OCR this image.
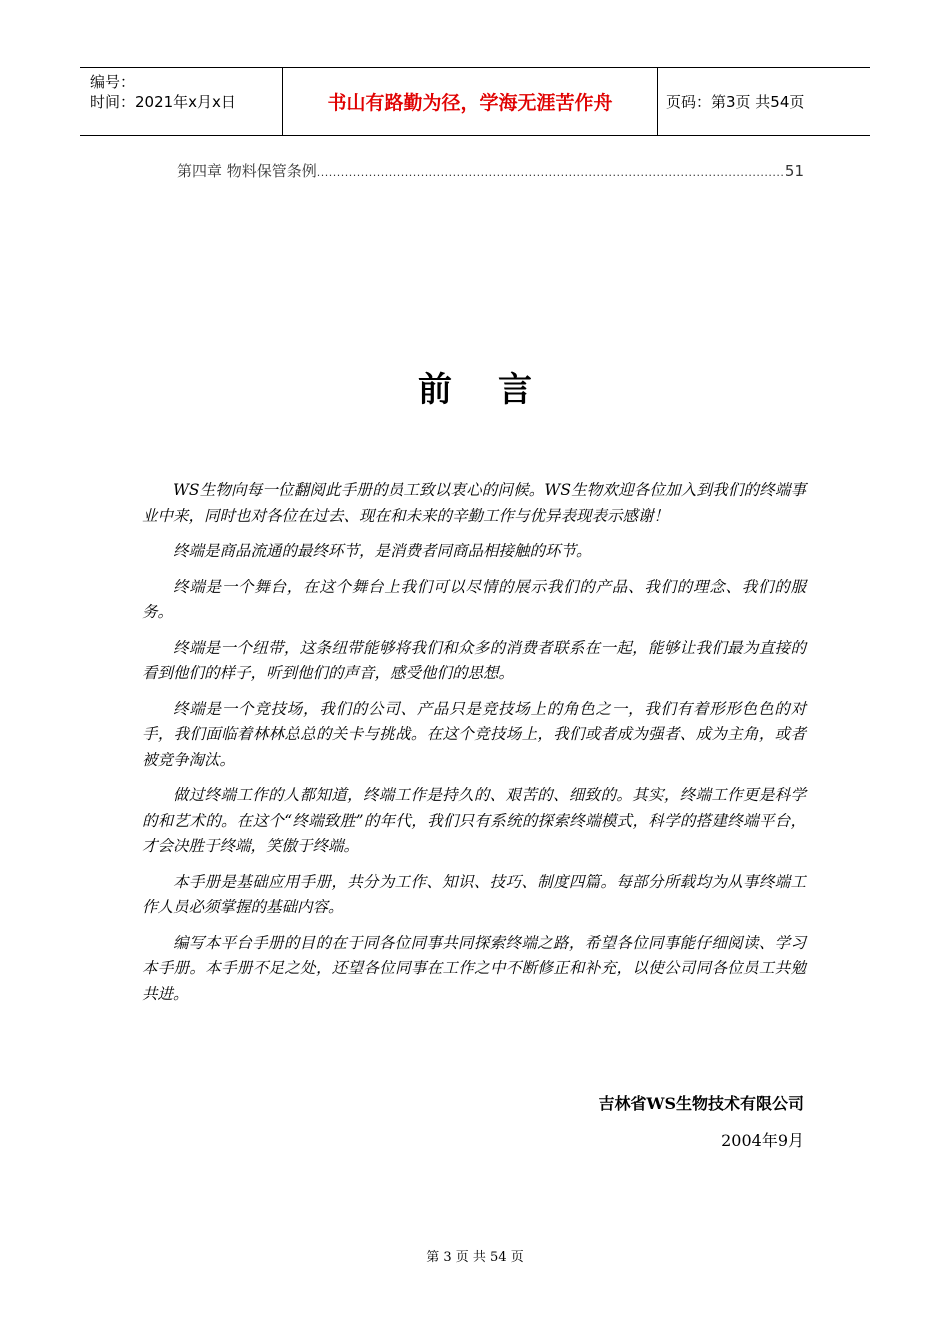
编号：
时间：2021年x月x日	书山有路勤为径，学海无涯苦作舟	页码：第3页 共54页
第四章 物料保管条例
.....	51
前言

WS生物向每一位翻阅此手册的员工致以衷心的问候。WS生物欢迎各位加入到我们的终端事业中来，同时也对各位在过去、现在和未来的辛勤工作与优异表现表示感谢！

终端是商品流通的最终环节，是消费者同商品相接触的环节。

终端是一个舞台，在这个舞台上我们可以尽情的展示我们的产品、我们的理念、我们的服务。

终端是一个纽带，这条纽带能够将我们和众多的消费者联系在一起，能够让我们最为直接的看到他们的样子，听到他们的声音，感受他们的思想。

终端是一个竞技场，我们的公司、产品只是竞技场上的角色之一，我们有着形形色色的对手，我们面临着林林总总的关卡与挑战。在这个竞技场上，我们或者成为强者、成为主角，或者被竞争淘汰。

做过终端工作的人都知道，终端工作是持久的、艰苦的、细致的。其实，终端工作更是科学的和艺术的。在这个“终端致胜”的年代，我们只有系统的探索终端模式，科学的搭建终端平台，才会决胜于终端，笑傲于终端。

本手册是基础应用手册，共分为工作、知识、技巧、制度四篇。每部分所载均为从事终端工作人员必须掌握的基础内容。

编写本平台手册的目的在于同各位同事共同探索终端之路，希望各位同事能仔细阅读、学习本手册。本手册不足之处，还望各位同事在工作之中不断修正和补充，以使公司同各位员工共勉共进。

吉林省WS生物技术有限公司
2004年9月
第 3 页 共 54 页
